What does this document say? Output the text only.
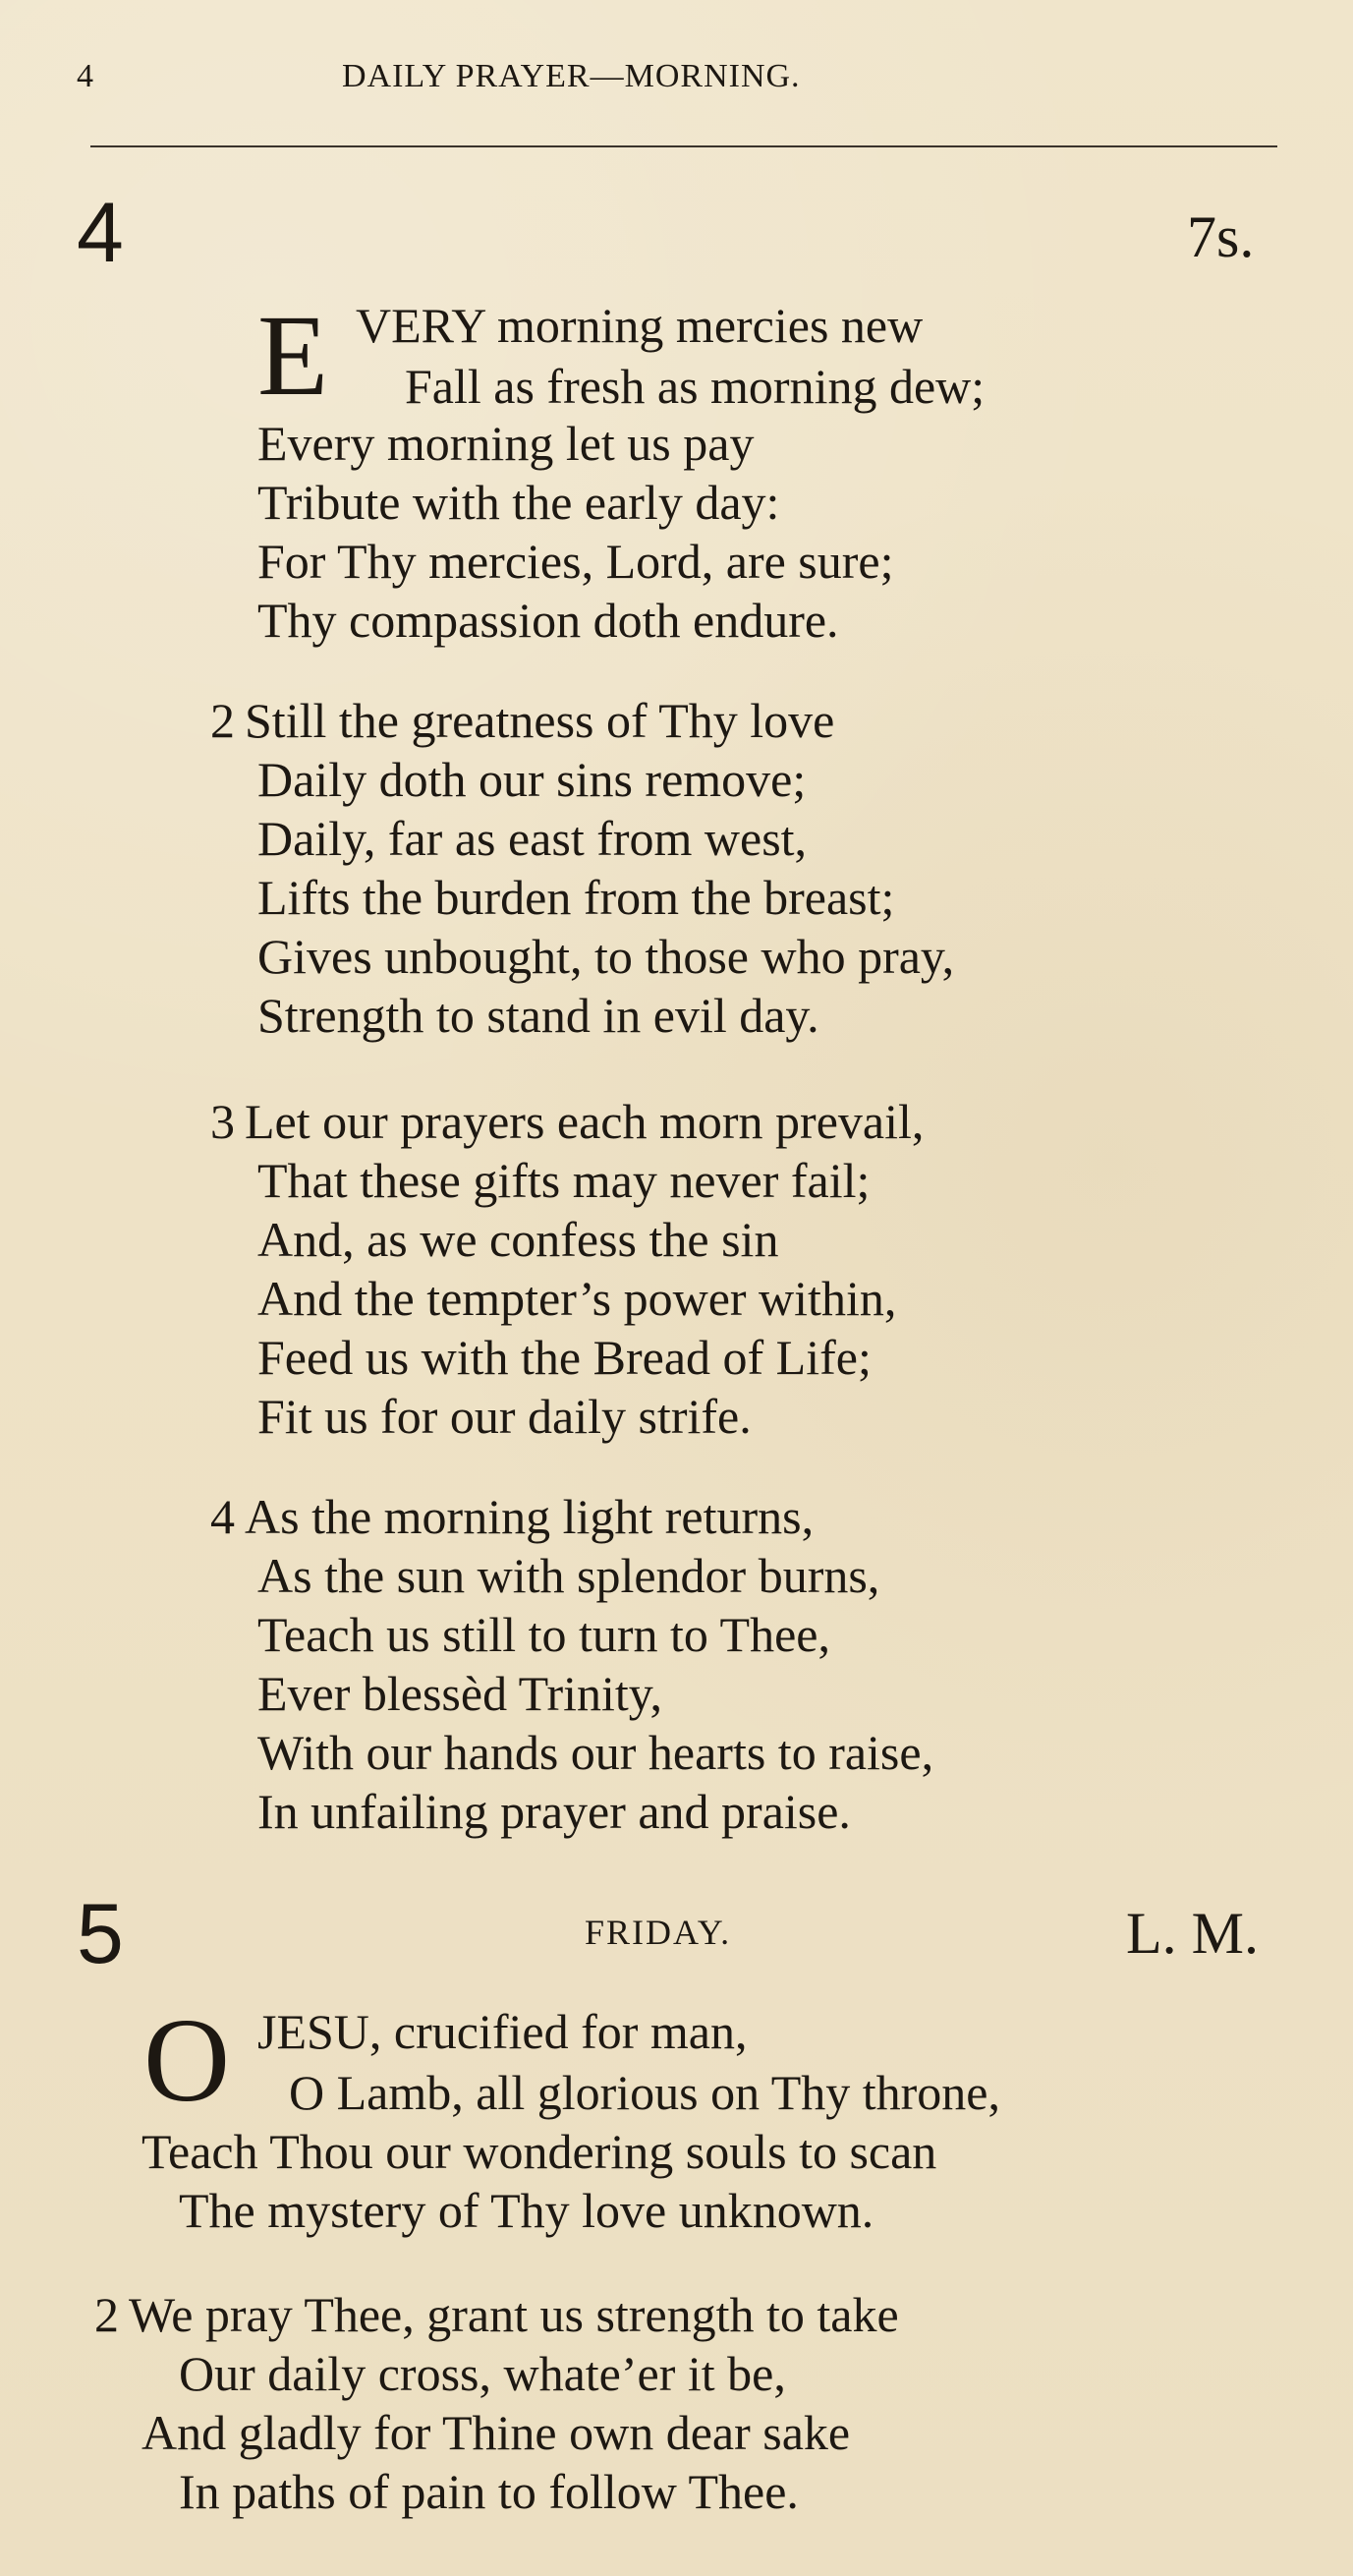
4	DAILY PRAYER—MORNING.
4	7s.
E VERY morning mercies new
Fall as fresh as morning dew;
Every morning let us pay
Tribute with the early day:
For Thy mercies, Lord, are sure;
Thy compassion doth endure.
2 Still the greatness of Thy love
Daily doth our sins remove;
Daily, far as east from west,
Lifts the burden from the breast;
Gives unbought, to those who pray,
Strength to stand in evil day.
3 Let our prayers each morn prevail,
That these gifts may never fail;
And, as we confess the sin
And the tempter’s power within,
Feed us with the Bread of Life;
Fit us for our daily strife.
4 As the morning light returns,
As the sun with splendor burns,
Teach us still to turn to Thee,
Ever blessèd Trinity,
With our hands our hearts to raise,
In unfailing prayer and praise.
5	FRIDAY.	L. M.
O JESU, crucified for man,
O Lamb, all glorious on Thy throne,
Teach Thou our wondering souls to scan
The mystery of Thy love unknown.
2 We pray Thee, grant us strength to take
Our daily cross, whate’er it be,
And gladly for Thine own dear sake
In paths of pain to follow Thee.
